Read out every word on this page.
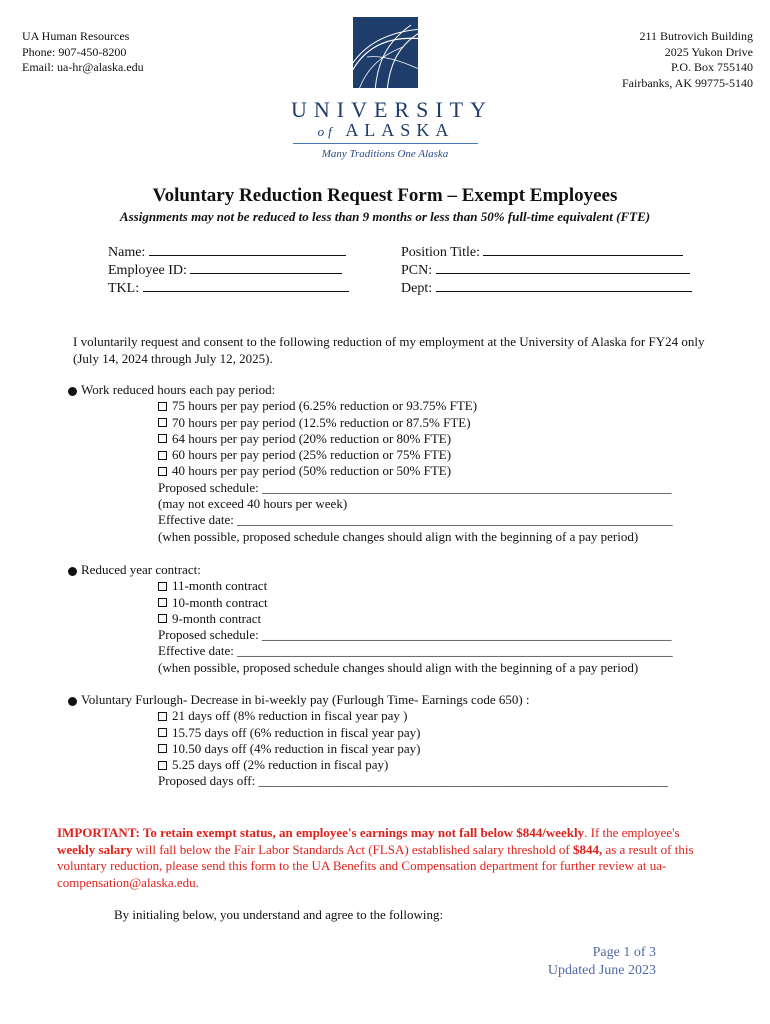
UA Human Resources
Phone: 907-450-8200
Email: ua-hr@alaska.edu
211 Butrovich Building
2025 Yukon Drive
P.O. Box 755140
Fairbanks, AK 99775-5140
UNIVERSITY
of ALASKA
Many Traditions One Alaska
Voluntary Reduction Request Form – Exempt Employees
Assignments may not be reduced to less than 9 months or less than 50% full-time equivalent (FTE)
Name:
Employee ID:
TKL:
Position Title:
PCN:
Dept:
I voluntarily request and consent to the following reduction of my employment at the University of Alaska for FY24 only (July 14, 2024 through July 12, 2025).
Work reduced hours each pay period:
75 hours per pay period (6.25% reduction or 93.75% FTE)
70 hours per pay period (12.5% reduction or 87.5% FTE)
64 hours per pay period (20% reduction or 80% FTE)
60 hours per pay period (25% reduction or 75% FTE)
40 hours per pay period (50% reduction or 50% FTE)
Proposed schedule: _______________________________________________________________
(may not exceed 40 hours per week)
Effective date: ___________________________________________________________________
(when possible, proposed schedule changes should align with the beginning of a pay period)
Reduced year contract:
11-month contract
10-month contract
9-month contract
Proposed schedule: _______________________________________________________________
Effective date: ___________________________________________________________________
(when possible, proposed schedule changes should align with the beginning of a pay period)
Voluntary Furlough- Decrease in bi-weekly pay (Furlough Time- Earnings code 650) :
21 days off (8% reduction in fiscal year pay )
15.75 days off (6% reduction in fiscal year pay)
10.50 days off (4% reduction in fiscal year pay)
5.25 days off (2% reduction in fiscal pay)
Proposed days off: _______________________________________________________________
IMPORTANT: To retain exempt status, an employee's earnings may not fall below $844/weekly. If the employee's weekly salary will fall below the Fair Labor Standards Act (FLSA) established salary threshold of $844, as a result of this voluntary reduction, please send this form to the UA Benefits and Compensation department for further review at ua-compensation@alaska.edu.
By initialing below, you understand and agree to the following:
Page 1 of 3
Updated June 2023
